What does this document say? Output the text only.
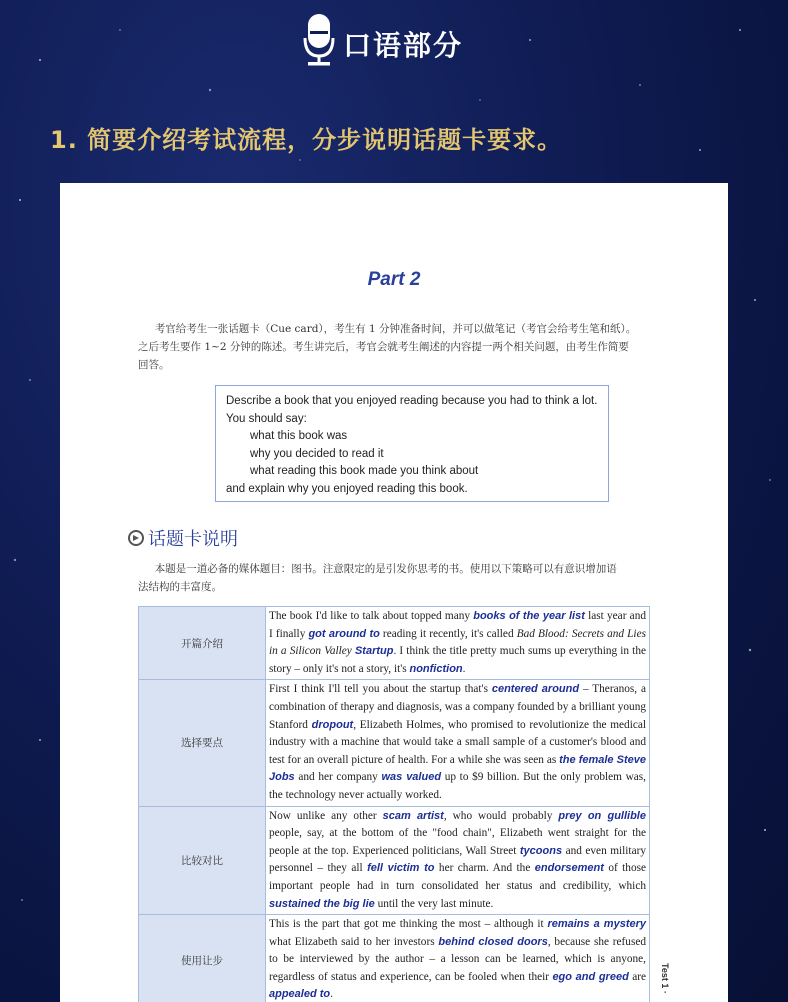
口语部分
1. 简要介绍考试流程，分步说明话题卡要求。
Part 2
考官给考生一张话题卡（Cue card），考生有 1 分钟准备时间，并可以做笔记（考官会给考生笔和纸）。
之后考生要作 1~2 分钟的陈述。考生讲完后，考官会就考生阐述的内容提一两个相关问题，由考生作简要
回答。
Describe a book that you enjoyed reading because you had to think a lot.
You should say:
what this book was
why you decided to read it
what reading this book made you think about
and explain why you enjoyed reading this book.
话题卡说明
本题是一道必备的媒体题目：图书。注意限定的是引发你思考的书。使用以下策略可以有意识增加语
法结构的丰富度。
开篇介绍	The book I'd like to talk about topped many books of the year list last year and I finally got around to reading it recently, it's called Bad Blood: Secrets and Lies in a Silicon Valley Startup. I think the title pretty much sums up everything in the story – only it's not a story, it's nonfiction.
选择要点	First I think I'll tell you about the startup that's centered around – Theranos, a combination of therapy and diagnosis, was a company founded by a brilliant young Stanford dropout, Elizabeth Holmes, who promised to revolutionize the medical industry with a machine that would take a small sample of a customer's blood and test for an overall picture of health. For a while she was seen as the female Steve Jobs and her company was valued up to $9 billion. But the only problem was, the technology never actually worked.
比较对比	Now unlike any other scam artist, who would probably prey on gullible people, say, at the bottom of the "food chain", Elizabeth went straight for the people at the top. Experienced politicians, Wall Street tycoons and even military personnel – they all fell victim to her charm. And the endorsement of those important people had in turn consolidated her status and credibility, which sustained the big lie until the very last minute.
使用让步	This is the part that got me thinking the most – although it remains a mystery what Elizabeth said to her investors behind closed doors, because she refused to be interviewed by the author – a lesson can be learned, which is anyone, regardless of status and experience, can be fooled when their ego and greed are appealed to.
Test 1 ·
